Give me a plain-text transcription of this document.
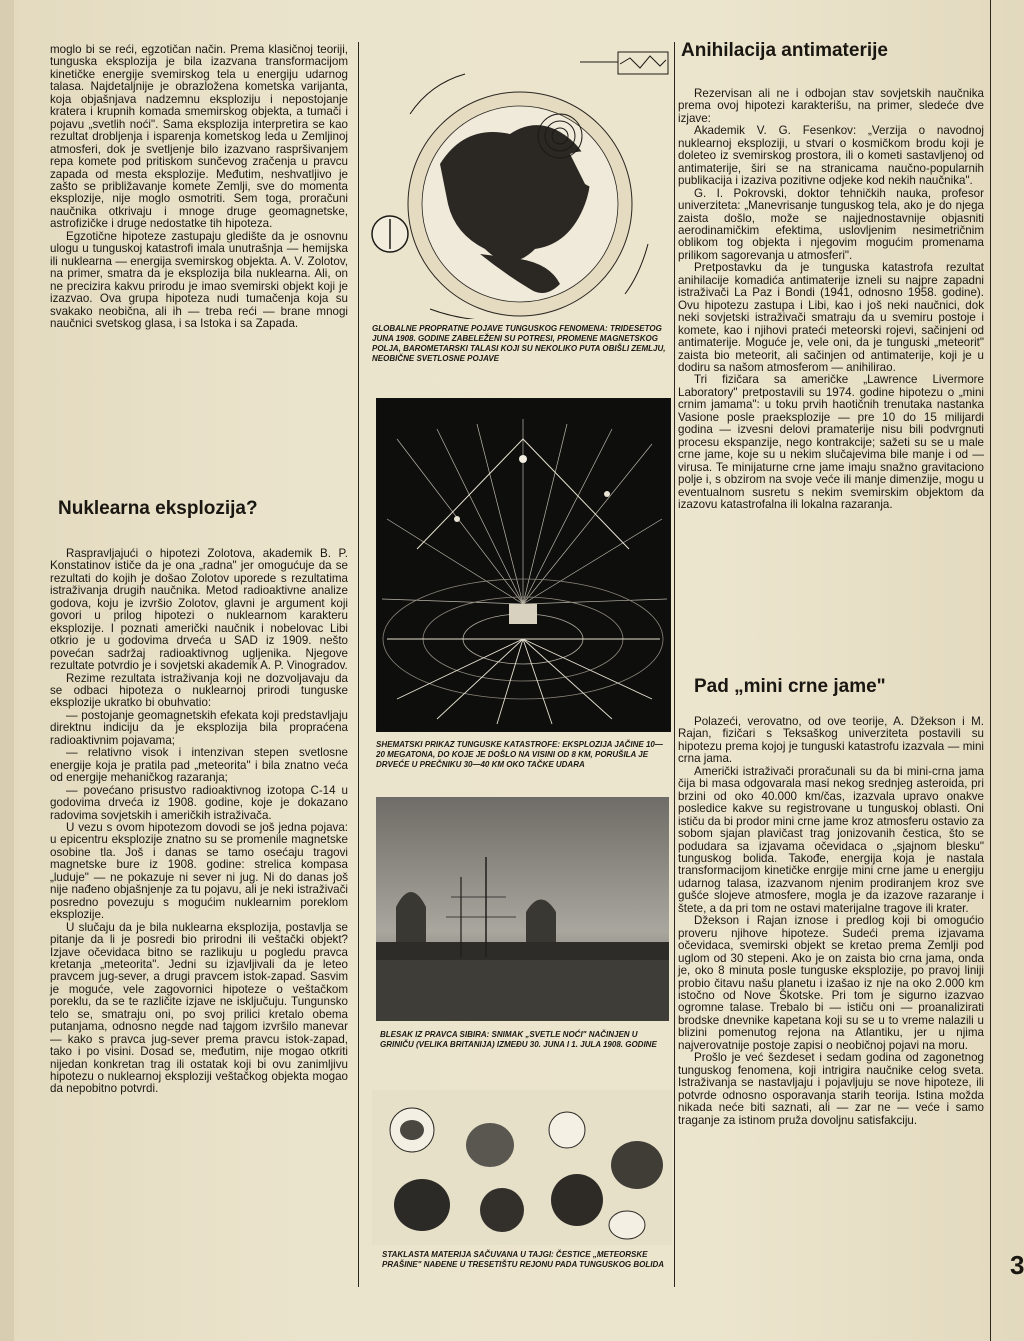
moglo bi se reći, egzotičan način. Prema klasičnoj teoriji, tunguska eksplozija je bila izazvana transformacijom kinetičke energije svemirskog tela u energiju udarnog talasa. Najdetaljnije je obrazložena kometska varijanta, koja objašnjava nadzemnu eksploziju i nepostojanje kratera i krupnih komada smemirskog objekta, a tumači i pojavu „svetlih noći". Sama eksplozija interpretira se kao rezultat drobljenja i isparenja kometskog leda u Zemljinoj atmosferi, dok je svetljenje bilo izazvano raspršivanjem repa komete pod pritiskom sunčevog zračenja u pravcu zapada od mesta eksplozije. Međutim, neshvatljivo je zašto se približavanje komete Zemlji, sve do momenta eksplozije, nije moglo osmotriti. Sem toga, proračuni naučnika otkrivaju i mnoge druge geomagnetske, astrofizičke i druge nedostatke tih hipoteza.

Egzotične hipoteze zastupaju gledište da je osnovnu ulogu u tunguskoj katastrofi imala unutrašnja — hemijska ili nuklearna — energija svemirskog objekta. A. V. Zolotov, na primer, smatra da je eksplozija bila nuklearna. Ali, on ne precizira kakvu prirodu je imao svemirski objekt koji je izazvao. Ova grupa hipoteza nudi tumačenja koja su svakako neobična, ali ih — treba reći — brane mnogi naučnici svetskog glasa, i sa Istoka i sa Zapada.

Nuklearna eksplozija?

Raspravljajući o hipotezi Zolotova, akademik B. P. Konstatinov ističe da je ona „radna" jer omogućuje da se rezultati do kojih je došao Zolotov uporede s rezultatima istraživanja drugih naučnika. Metod radioaktivne analize godova, koju je izvršio Zolotov, glavni je argument koji govori u prilog hipotezi o nuklearnom karakteru eksplozije. I poznati američki naučnik i nobelovac Libi otkrio je u godovima drveća u SAD iz 1909. nešto povećan sadržaj radioaktivnog ugljenika. Njegove rezultate potvrdio je i sovjetski akademik A. P. Vinogradov.

Rezime rezultata istraživanja koji ne dozvoljavaju da se odbaci hipoteza o nuklearnoj prirodi tunguske eksplozije ukratko bi obuhvatio:

— postojanje geomagnetskih efekata koji predstavljaju direktnu indiciju da je eksplozija bila propraćena radioaktivnim pojavama;

— relativno visok i intenzivan stepen svetlosne energije koja je pratila pad „meteorita" i bila znatno veća od energije mehaničkog razaranja;

— povećano prisustvo radioaktivnog izotopa C-14 u godovima drveća iz 1908. godine, koje je dokazano radovima sovjetskih i američkih istraživača.

U vezu s ovom hipotezom dovodi se još jedna pojava: u epicentru eksplozije znatno su se promenile magnetske osobine tla. Još i danas se tamo osećaju tragovi magnetske bure iz 1908. godine: strelica kompasa „luduje" — ne pokazuje ni sever ni jug. Ni do danas još nije nađeno objašnjenje za tu pojavu, ali je neki istraživači posredno povezuju s mogućim nuklearnim poreklom eksplozije.

U slučaju da je bila nuklearna eksplozija, postavlja se pitanje da li je posredi bio prirodni ili veštački objekt? Izjave očevidaca bitno se razlikuju u pogledu pravca kretanja „meteorita". Jedni su izjavljivali da je leteo pravcem jug-sever, a drugi pravcem istok-zapad. Sasvim je moguće, vele zagovornici hipoteze o veštačkom poreklu, da se te različite izjave ne isključuju. Tungunsko telo se, smatraju oni, po svoj prilici kretalo obema putanjama, odnosno negde nad tajgom izvršilo manevar — kako s pravca jug-sever prema pravcu istok-zapad, tako i po visini. Dosad se, međutim, nije mogao otkriti nijedan konkretan trag ili ostatak koji bi ovu zanimljivu hipotezu o nuklearnoj eksploziji veštačkog objekta mogao da nepobitno potvrdi.

GLOBALNE PROPRATNE POJAVE TUNGUSKOG FENOMENA: TRIDESETOG JUNA 1908. GODINE ZABELEŽENI SU POTRESI, PROMENE MAGNETSKOG POLJA, BAROMETARSKI TALASI KOJI SU NEKOLIKO PUTA OBIŠLI ZEMLJU, NEOBIČNE SVETLOSNE POJAVE
SHEMATSKI PRIKAZ TUNGUSKE KATASTROFE: EKSPLOZIJA JAČINE 10—20 MEGATONA, DO KOJE JE DOŠLO NA VISINI OD 8 KM, PORUŠILA JE DRVEĆE U PREČNIKU 30—40 KM OKO TAČKE UDARA
BLESAK IZ PRAVCA SIBIRA: SNIMAK „SVETLE NOĆI" NAČINJEN U GRINIČU (VELIKA BRITANIJA) IZMEĐU 30. JUNA I 1. JULA 1908. GODINE
STAKLASTA MATERIJA SAČUVANA U TAJGI: ČESTICE „METEORSKE PRAŠINE" NAĐENE U TRESETIŠTU REJONU PADA TUNGUSKOG BOLIDA
Anihilacija antimaterije

Rezervisan ali ne i odbojan stav sovjetskih naučnika prema ovoj hipotezi karakterišu, na primer, sledeće dve izjave:

Akademik V. G. Fesenkov: „Verzija o navodnoj nuklearnoj eksploziji, u stvari o kosmičkom brodu koji je doleteo iz svemirskog prostora, ili o kometi sastavljenoj od antimaterije, širi se na stranicama naučno-popularnih publikacija i izaziva pozitivne odjeke kod nekih naučnika".

G. I. Pokrovski, doktor tehničkih nauka, profesor univerziteta: „Manevrisanje tunguskog tela, ako je do njega zaista došlo, može se najjednostavnije objasniti aerodinamičkim efektima, uslovljenim nesimetričnim oblikom tog objekta i njegovim mogućim promenama prilikom sagorevanja u atmosferi".

Pretpostavku da je tunguska katastrofa rezultat anihilacije komadića antimaterije izneli su najpre zapadni istraživači La Paz i Bondi (1941, odnosno 1958. godine). Ovu hipotezu zastupa i Libi, kao i još neki naučnici, dok neki sovjetski istraživači smatraju da u svemiru postoje i komete, kao i njihovi prateći meteorski rojevi, sačinjeni od antimaterije. Moguće je, vele oni, da je tunguski „meteorit" zaista bio meteorit, ali sačinjen od antimaterije, koji je u dodiru sa našom atmosferom — anihilirao.

Tri fizičara sa američke „Lawrence Livermore Laboratory" pretpostavili su 1974. godine hipotezu o „mini crnim jamama": u toku prvih haotičnih trenutaka nastanka Vasione posle praeksplozije — pre 10 do 15 milijardi godina — izvesni delovi pramaterije nisu bili podvrgnuti procesu ekspanzije, nego kontrakcije; sažeti su se u male crne jame, koje su u nekim slučajevima bile manje i od — virusa. Te minijaturne crne jame imaju snažno gravitaciono polje i, s obzirom na svoje veće ili manje dimenzije, mogu u eventualnom susretu s nekim svemirskim objektom da izazovu katastrofalna ili lokalna razaranja.

Pad „mini crne jame"

Polazeći, verovatno, od ove teorije, A. Džekson i M. Rajan, fizičari s Teksaškog univerziteta postavili su hipotezu prema kojoj je tunguski katastrofu izazvala — mini crna jama.

Američki istraživači proračunali su da bi mini-crna jama čija bi masa odgovarala masi nekog srednjeg asteroida, pri brzini od oko 40.000 km/čas, izazvala upravo onakve posledice kakve su registrovane u tunguskoj oblasti. Oni ističu da bi prodor mini crne jame kroz atmosferu ostavio za sobom sjajan plavičast trag jonizovanih čestica, što se podudara sa izjavama očevidaca o „sjajnom blesku" tunguskog bolida. Takođe, energija koja je nastala transformacijom kinetičke enrgije mini crne jame u energiju udarnog talasa, izazvanom njenim prodiranjem kroz sve gušće slojeve atmosfere, mogla je da izazove razaranje i štete, a da pri tom ne ostavi materijalne tragove ili krater.

Džekson i Rajan iznose i predlog koji bi omogućio proveru njihove hipoteze. Sudeći prema izjavama očevidaca, svemirski objekt se kretao prema Zemlji pod uglom od 30 stepeni. Ako je on zaista bio crna jama, onda je, oko 8 minuta posle tunguske eksplozije, po pravoj liniji probio čitavu našu planetu i izašao iz nje na oko 2.000 km istočno od Nove Škotske. Pri tom je sigurno izazvao ogromne talase. Trebalo bi — ističu oni — proanalizirati brodske dnevnike kapetana koji su se u to vreme nalazili u blizini pomenutog rejona na Atlantiku, jer u njima najverovatnije postoje zapisi o neobičnoj pojavi na moru.

Prošlo je već šezdeset i sedam godina od zagonetnog tunguskog fenomena, koji intrigira naučnike celog sveta. Istraživanja se nastavljaju i pojavljuju se nove hipoteze, ili potvrde odnosno osporavanja starih teorija. Istina možda nikada neće biti saznati, ali — zar ne — veće i samo traganje za istinom pruža dovoljnu satisfakciju.

3
